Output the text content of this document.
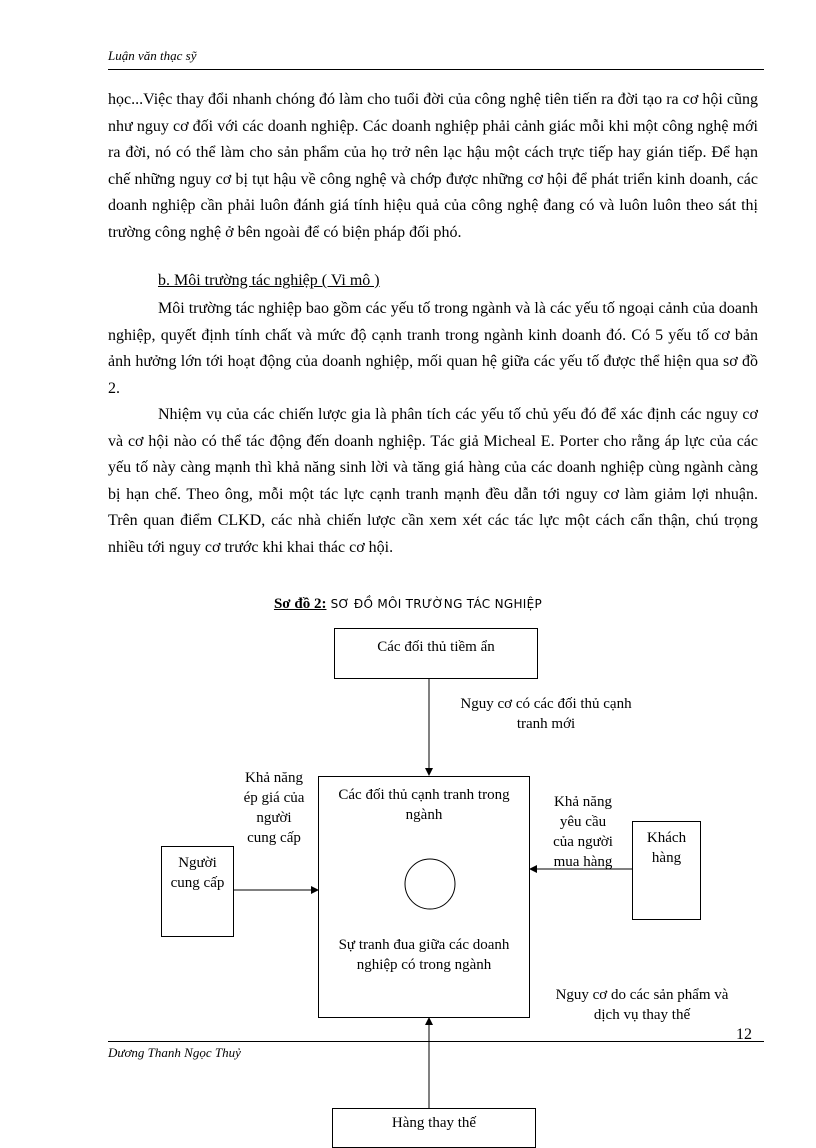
Luận văn thạc sỹ

học...Việc thay đổi nhanh chóng đó làm cho tuổi đời của công nghệ tiên tiến ra đời tạo ra cơ hội cũng như nguy cơ đối với các doanh nghiệp. Các doanh nghiệp phải cảnh giác mỗi khi một công nghệ mới ra đời, nó có thể làm cho sản phẩm của họ trở nên lạc hậu một cách trực tiếp hay gián tiếp. Để hạn chế những nguy cơ bị tụt hậu về công nghệ và chớp được những cơ hội để phát triển kinh doanh, các doanh nghiệp cần phải luôn đánh giá tính hiệu quả của công nghệ đang có và luôn luôn theo sát thị trường công nghệ ở bên ngoài để có biện pháp đối phó.

b. Môi trường tác nghiệp ( Vi mô )

Môi trường tác nghiệp bao gồm các yếu tố trong ngành và là các yếu tố ngoại cảnh của doanh nghiệp, quyết định tính chất và mức độ cạnh tranh trong ngành kinh doanh đó. Có 5 yếu tố cơ bản ảnh hưởng lớn tới hoạt động của doanh nghiệp, mối quan hệ giữa các yếu tố được thể hiện qua sơ đồ 2.

Nhiệm vụ của các chiến lược gia là phân tích các yếu tố chủ yếu đó để xác định các nguy cơ và cơ hội nào có thể tác động đến doanh nghiệp. Tác giả Micheal E. Porter cho rằng áp lực của các yếu tố này càng mạnh thì khả năng sinh lời và tăng giá hàng của các doanh nghiệp cùng ngành càng bị hạn chế. Theo ông, mỗi một tác lực cạnh tranh mạnh đều dẫn tới nguy cơ làm giảm lợi nhuận. Trên quan điểm CLKD, các nhà chiến lược cần xem xét các tác lực một cách cẩn thận, chú trọng nhiều tới nguy cơ trước khi khai thác cơ hội.

Sơ đồ 2: SƠ ĐỒ MÔI TRƯỜNG TÁC NGHIỆP
Các đối thủ tiềm ẩn
Các đối thủ cạnh tranh trong ngành
Sự tranh đua giữa các doanh nghiệp có trong ngành
Người cung cấp
Khách hàng
Hàng thay thế
Nguy cơ có các đối thủ cạnh tranh mới
Khả năng ép giá của người cung cấp
Khả năng yêu cầu của người mua hàng
Nguy cơ do các sản phẩm và dịch vụ thay thế
12
Dương Thanh Ngọc Thuỷ
